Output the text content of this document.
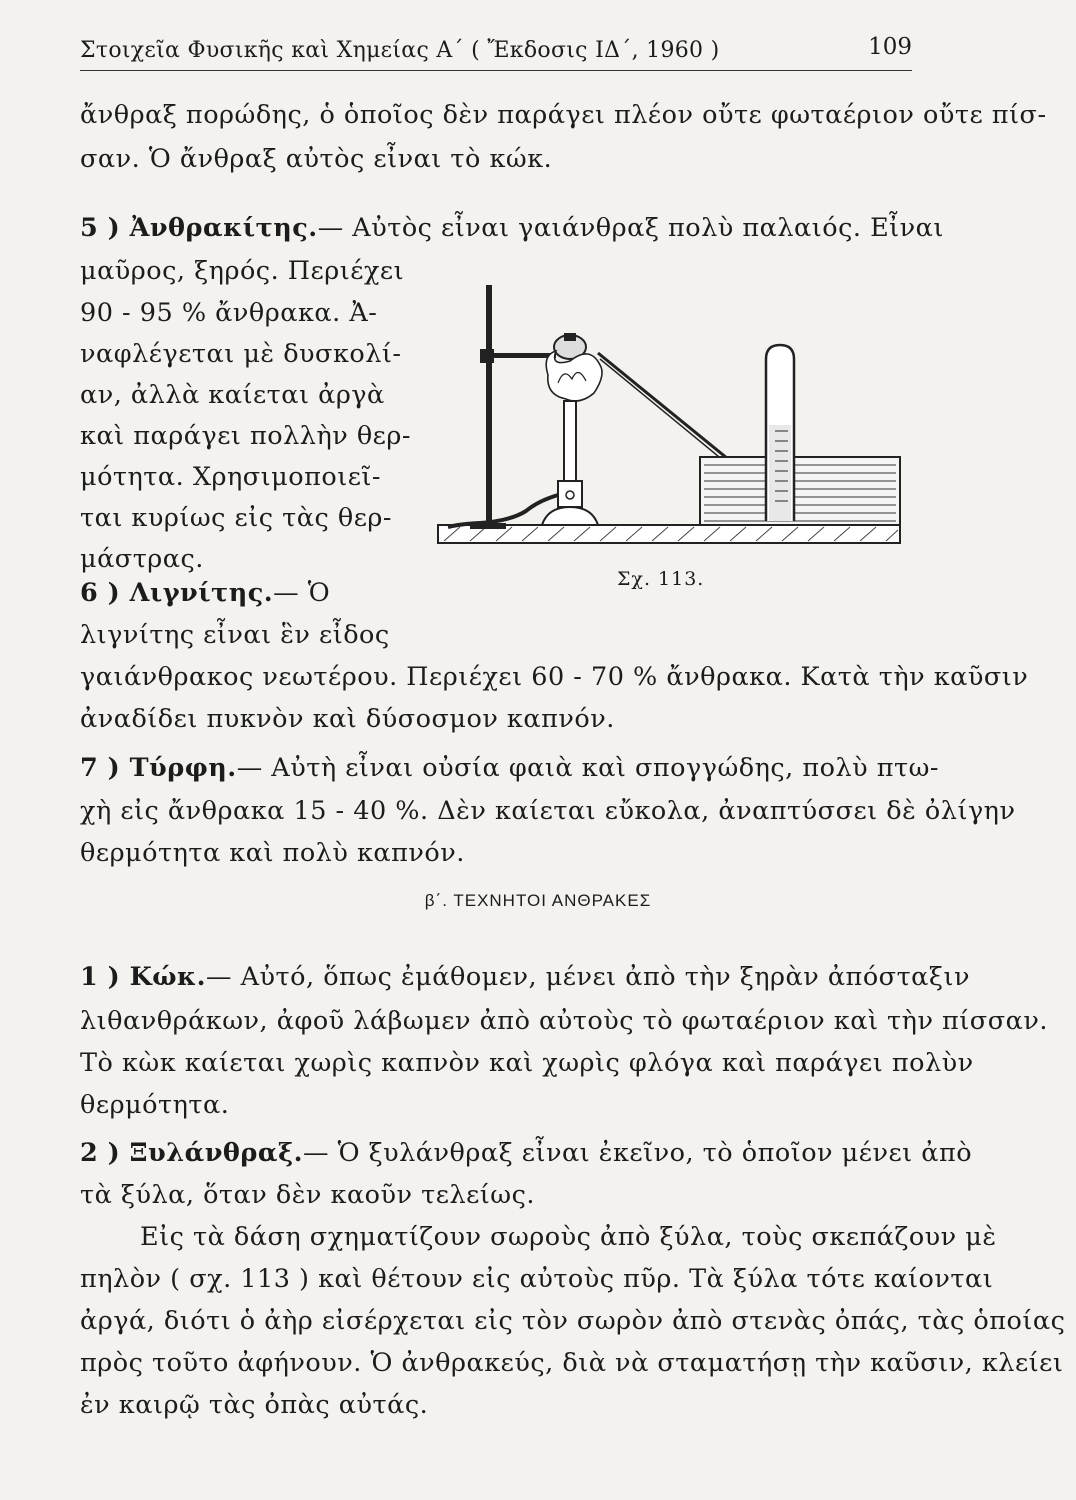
Στοιχεῖα Φυσικῆς καὶ Χημείας Α΄ ( Ἔκδοσις ΙΔ΄, 1960 )	109
ἄνθραξ πορώδης, ὁ ὁποῖος δὲν παράγει πλέον οὔτε φωταέριον οὔτε πίσ-
σαν. Ὁ ἄνθραξ αὐτὸς εἶναι τὸ κώκ.
5 ) Ἀνθρακίτης.— Αὐτὸς εἶναι γαιάνθραξ πολὺ παλαιός. Εἶναι
μαῦρος, ξηρός. Περιέχει
90 - 95 % ἄνθρακα. Ἀ-
ναφλέγεται μὲ δυσκολί-
αν, ἀλλὰ καίεται ἀργὰ
καὶ παράγει πολλὴν θερ-
μότητα. Χρησιμοποιεῖ-
ται κυρίως εἰς τὰς θερ-
μάστρας.
Σχ. 113.
6 ) Λιγνίτης.— Ὁ
λιγνίτης εἶναι ἓν εἶδος
γαιάνθρακος νεωτέρου. Περιέχει 60 - 70 % ἄνθρακα. Κατὰ τὴν καῦσιν
ἀναδίδει πυκνὸν καὶ δύσοσμον καπνόν.
7 ) Τύρφη.— Αὐτὴ εἶναι οὐσία φαιὰ καὶ σπογγώδης, πολὺ πτω-
χὴ εἰς ἄνθρακα 15 - 40 %. Δὲν καίεται εὔκολα, ἀναπτύσσει δὲ ὀλίγην
θερμότητα καὶ πολὺ καπνόν.
β΄. ΤΕΧΝΗΤΟΙ ΑΝΘΡΑΚΕΣ
1 ) Κώκ.— Αὐτό, ὅπως ἐμάθομεν, μένει ἀπὸ τὴν ξηρὰν ἀπόσταξιν
λιθανθράκων, ἀφοῦ λάβωμεν ἀπὸ αὐτοὺς τὸ φωταέριον καὶ τὴν πίσσαν.
Τὸ κὼκ καίεται χωρὶς καπνὸν καὶ χωρὶς φλόγα καὶ παράγει πολὺν
θερμότητα.
2 ) Ξυλάνθραξ.— Ὁ ξυλάνθραξ εἶναι ἐκεῖνο, τὸ ὁποῖον μένει ἀπὸ
τὰ ξύλα, ὅταν δὲν καοῦν τελείως.
Εἰς τὰ δάση σχηματίζουν σωροὺς ἀπὸ ξύλα, τοὺς σκεπάζουν μὲ
πηλὸν ( σχ. 113 ) καὶ θέτουν εἰς αὐτοὺς πῦρ. Τὰ ξύλα τότε καίονται
ἀργά, διότι ὁ ἀὴρ εἰσέρχεται εἰς τὸν σωρὸν ἀπὸ στενὰς ὀπάς, τὰς ὁποίας
πρὸς τοῦτο ἀφήνουν. Ὁ ἀνθρακεύς, διὰ νὰ σταματήσῃ τὴν καῦσιν, κλείει
ἐν καιρῷ τὰς ὀπὰς αὐτάς.
